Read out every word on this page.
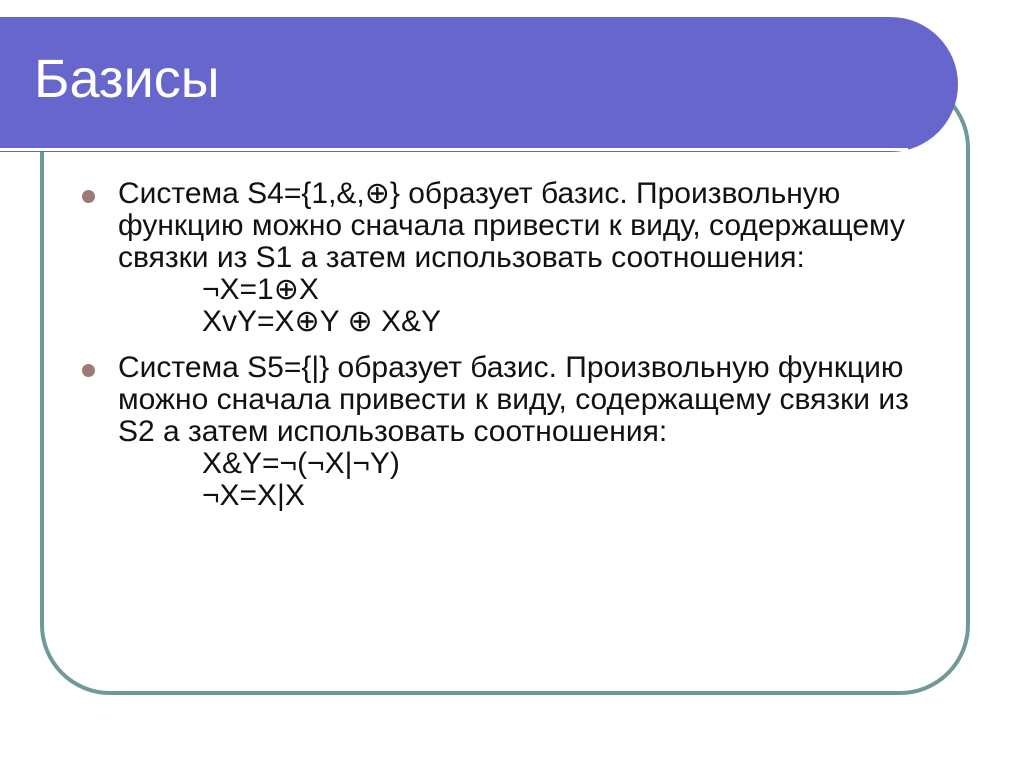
Базисы
Система S4={1,&,⊕} образует базис. Произвольную функцию можно сначала привести к виду, содержащему связки из S1 а затем использовать соотношения:
¬X=1⊕X
XvY=X⊕Y ⊕ X&Y
Система S5={|} образует базис. Произвольную функцию можно сначала привести к виду, содержащему связки из S2 а затем использовать соотношения:
X&Y=¬(¬X|¬Y)
¬X=X|X
